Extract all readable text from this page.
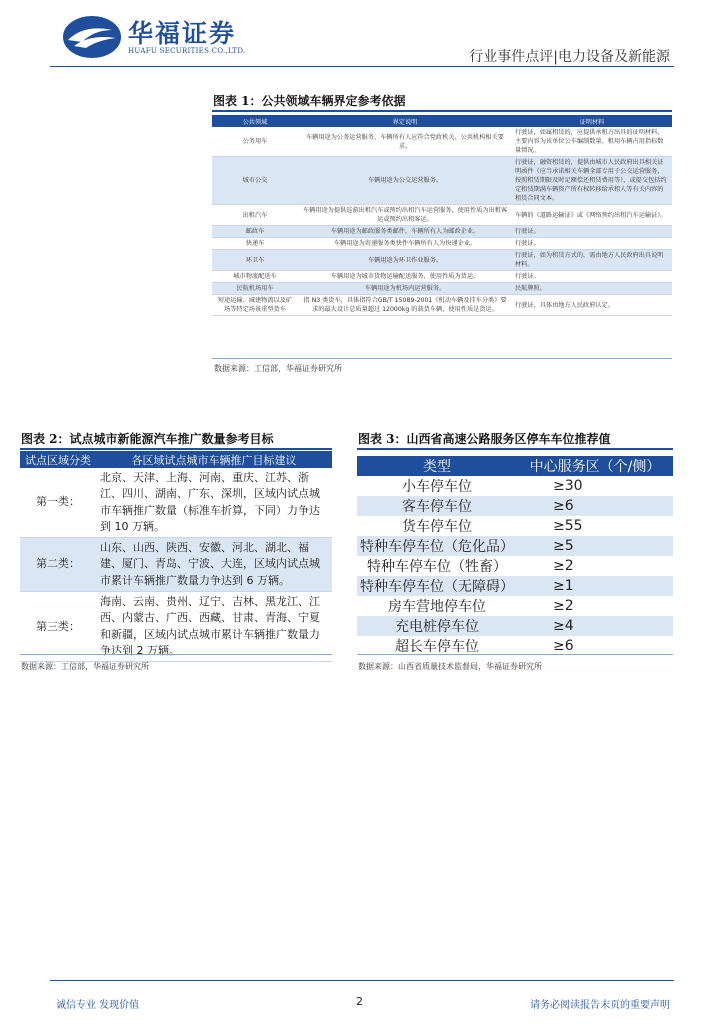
华福证券
HUAFU SECURITIES CO.,LTD.	行业事件点评|电力设备及新能源
图表 1：公共领域车辆界定参考依据
公共领域	界定说明	证明材料
公务用车	车辆用途为公务运营服务，车辆所有人应符合党政机关、公共机构相关要求。	行驶证，如属租赁的，应提供承租方出具的证明材料，主要内容为该单位公车编制数量、租用车辆占用指标数量情况。
城市公交	车辆用途为公交运营服务。	行驶证，融资租赁的，提供由城市人民政府出具相关证明函件（应当承诺相关车辆全部专用于公交运营服务，按照租赁期限及时足额偿还租赁费用等），或提交包括约定租赁期满车辆资产所有权转移给承租人等有关内容的租赁合同文本。
出租汽车	车辆用途为提供巡游出租汽车或预约出租汽车运营服务，使用性质为出租客运或预约出租客运。	车辆的《道路运输证》或《网络预约出租汽车运输证》。
邮政车	车辆用途为邮政服务类邮件，车辆所有人为邮政企业。	行驶证。
快递车	车辆用途为寄递服务类快件车辆所有人为快递企业。	行驶证。
环卫车	车辆用途为环卫作业服务。	行驶证，如为租赁方式的，需由地方人民政府出具说明材料。
城市物流配送车	车辆用途为城市货物运输配送服务，使用性质为货运。	行驶证。
民航机场用车	车辆用途为机场内运营服务。	民航牌照。
短途运输、城建物流以及矿场等特定场景重型货车	指 N3 类货车，具体指符合GB/T 15089-2001《机动车辆及挂车分类》要求的最大设计总质量超过 12000kg 的载货车辆，使用性质是货运。	行驶证，具体由地方人民政府认定。
数据来源：工信部，华福证券研究所
图表 2：试点城市新能源汽车推广数量参考目标
试点区域分类	各区域试点城市车辆推广目标建议
第一类：	北京、天津、上海、河南、重庆、江苏、浙江、四川、湖南、广东、深圳，区域内试点城市车辆推广数量（标准车折算，下同）力争达到 10 万辆。
第二类：	山东、山西、陕西、安徽、河北、湖北、福建、厦门、青岛、宁波、大连，区域内试点城市累计车辆推广数量力争达到 6 万辆。
第三类：	海南、云南、贵州、辽宁、吉林、黑龙江、江西、内蒙古、广西、西藏、甘肃、青海、宁夏和新疆，区域内试点城市累计车辆推广数量力争达到 2 万辆。
数据来源：工信部，华福证券研究所
图表 3：山西省高速公路服务区停车车位推荐值
类型	中心服务区（个/侧）
小车停车位	≥30
客车停车位	≥6
货车停车位	≥55
特种车停车位（危化品）	≥5
特种车停车位（牲畜）	≥2
特种车停车位（无障碍）	≥1
房车营地停车位	≥2
充电桩停车位	≥4
超长车停车位	≥6
数据来源：山西省质量技术监督局，华福证券研究所
诚信专业 发现价值	2	请务必阅读报告末页的重要声明
